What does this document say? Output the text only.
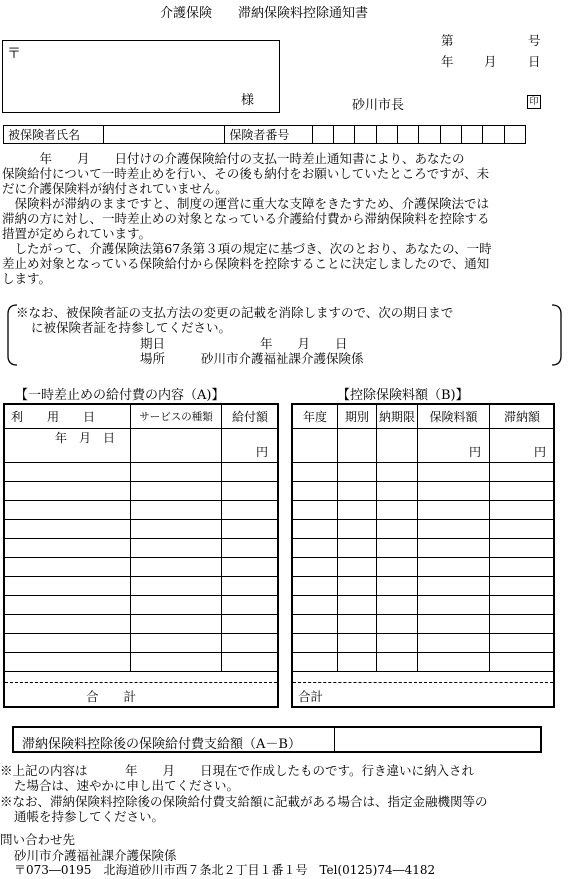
介護保険　　滞納保険料控除通知書
第	号
年 月	日
〒
様	砂川市長	印
被保険者氏名		保険者番号										
　　　年　　月　　日付けの介護保険給付の支払一時差止通知書により、あなたの
保険給付について一時差止めを行い、その後も納付をお願いしていたところですが、未
だに介護保険料が納付されていません。
　保険料が滞納のままですと、制度の運営に重大な支障をきたすため、介護保険法では
滞納の方に対し、一時差止めの対象となっている介護給付費から滞納保険料を控除する
措置が定められています。
　したがって、介護保険法第67条第３項の規定に基づき、次のとおり、あなたの、一時
差止め対象となっている保険給付から保険料を控除することに決定しましたので、通知
します。
※なお、被保険者証の支払方法の変更の記載を消除しますので、次の期日まで
に被保険者証を持参してください。
期日	年　　月　　日
場所	砂川市介護福祉課介護保険係
【一時差止めの給付費の内容（A)】	【控除保険料額（B)】
利　　用　　日	サービスの種類	給付額
年　月　日		円

合　　計
年度	期別	納期限	保険料額	滞納額
			円	円

合計
滞納保険料控除後の保険給付費支給額（A－B）
※上記の内容は　　　年　　月　　日現在で作成したものです。行き違いに納入され
た場合は、速やかに申し出てください。
※なお、滞納保険料控除後の保険給付費支給額に記載がある場合は、指定金融機関等の
通帳を持参してください。
問い合わせ先
砂川市介護福祉課介護保険係
〒073―0195　北海道砂川市西７条北２丁目１番１号　Tel(0125)74―4182
